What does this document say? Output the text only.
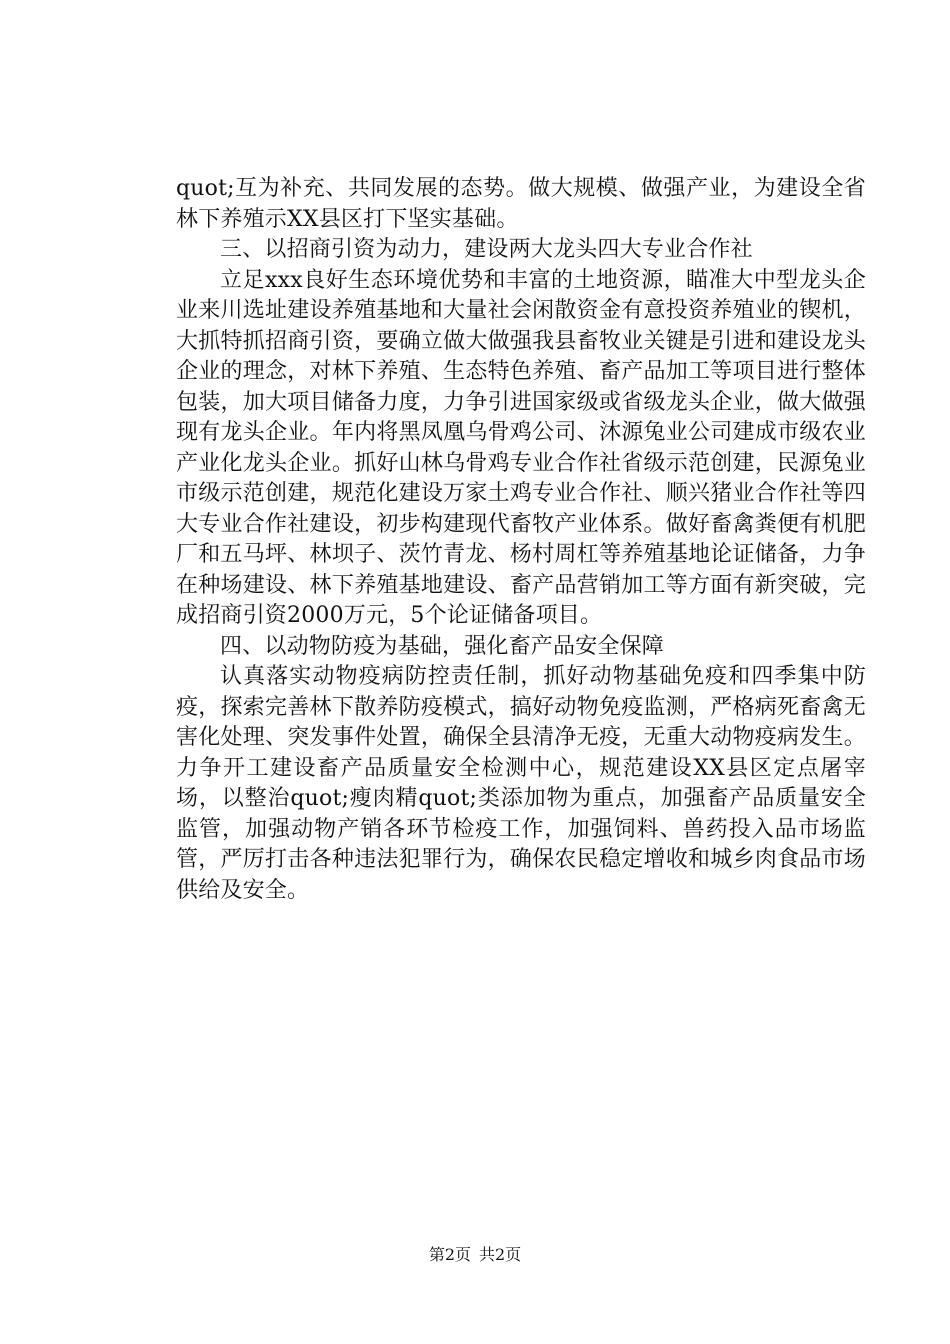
quot;互为补充、共同发展的态势。做大规模、做强产业，为建设全省林下养殖示XX县区打下坚实基础。

三、以招商引资为动力，建设两大龙头四大专业合作社

立足xxx良好生态环境优势和丰富的土地资源，瞄准大中型龙头企业来川选址建设养殖基地和大量社会闲散资金有意投资养殖业的锲机，大抓特抓招商引资，要确立做大做强我县畜牧业关键是引进和建设龙头企业的理念，对林下养殖、生态特色养殖、畜产品加工等项目进行整体包装，加大项目储备力度，力争引进国家级或省级龙头企业，做大做强现有龙头企业。年内将黑凤凰乌骨鸡公司、沐源兔业公司建成市级农业产业化龙头企业。抓好山林乌骨鸡专业合作社省级示范创建，民源兔业市级示范创建，规范化建设万家土鸡专业合作社、顺兴猪业合作社等四大专业合作社建设，初步构建现代畜牧产业体系。做好畜禽粪便有机肥厂和五马坪、林坝子、茨竹青龙、杨村周杠等养殖基地论证储备，力争在种场建设、林下养殖基地建设、畜产品营销加工等方面有新突破，完成招商引资2000万元，5个论证储备项目。

四、以动物防疫为基础，强化畜产品安全保障

认真落实动物疫病防控责任制，抓好动物基础免疫和四季集中防疫，探索完善林下散养防疫模式，搞好动物免疫监测，严格病死畜禽无害化处理、突发事件处置，确保全县清净无疫，无重大动物疫病发生。力争开工建设畜产品质量安全检测中心，规范建设XX县区定点屠宰场，以整治quot;瘦肉精quot;类添加物为重点，加强畜产品质量安全监管，加强动物产销各环节检疫工作，加强饲料、兽药投入品市场监管，严厉打击各种违法犯罪行为，确保农民稳定增收和城乡肉食品市场供给及安全。

第2页 共2页
